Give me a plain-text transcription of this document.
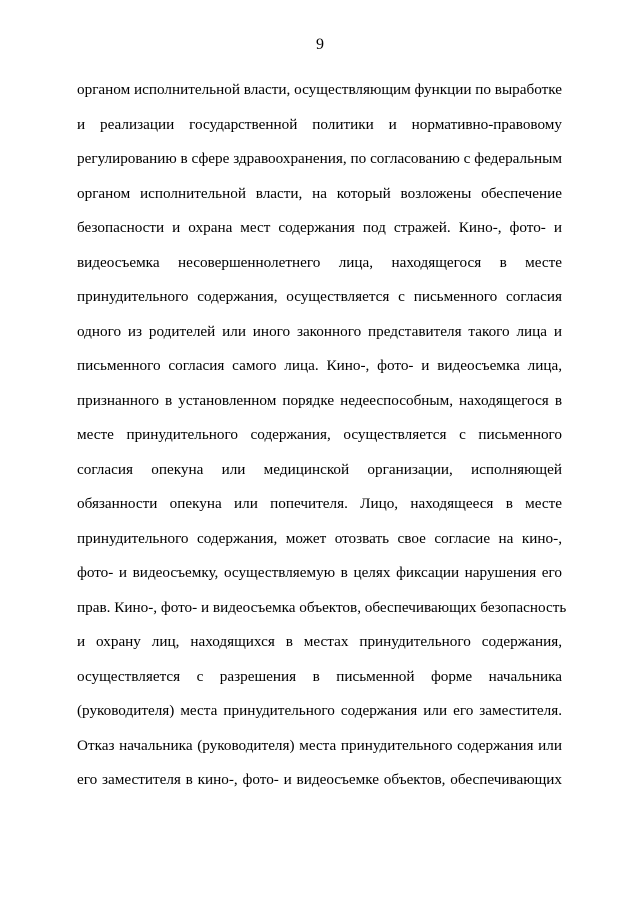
9
органом исполнительной власти, осуществляющим функции по выработке
и реализации государственной политики и нормативно-правовому
регулированию в сфере здравоохранения, по согласованию с федеральным
органом исполнительной власти, на который возложены обеспечение
безопасности и охрана мест содержания под стражей. Кино-, фото- и
видеосъемка несовершеннолетнего лица, находящегося в месте
принудительного содержания, осуществляется с письменного согласия
одного из родителей или иного законного представителя такого лица и
письменного согласия самого лица. Кино-, фото- и видеосъемка лица,
признанного в установленном порядке недееспособным, находящегося в
месте принудительного содержания, осуществляется с письменного
согласия опекуна или медицинской организации, исполняющей
обязанности опекуна или попечителя. Лицо, находящееся в месте
принудительного содержания, может отозвать свое согласие на кино-,
фото- и видеосъемку, осуществляемую в целях фиксации нарушения его
прав. Кино-, фото- и видеосъемка объектов, обеспечивающих безопасность
и охрану лиц, находящихся в местах принудительного содержания,
осуществляется с разрешения в письменной форме начальника
(руководителя) места принудительного содержания или его заместителя.
Отказ начальника (руководителя) места принудительного содержания или
его заместителя в кино-, фото- и видеосъемке объектов, обеспечивающих
